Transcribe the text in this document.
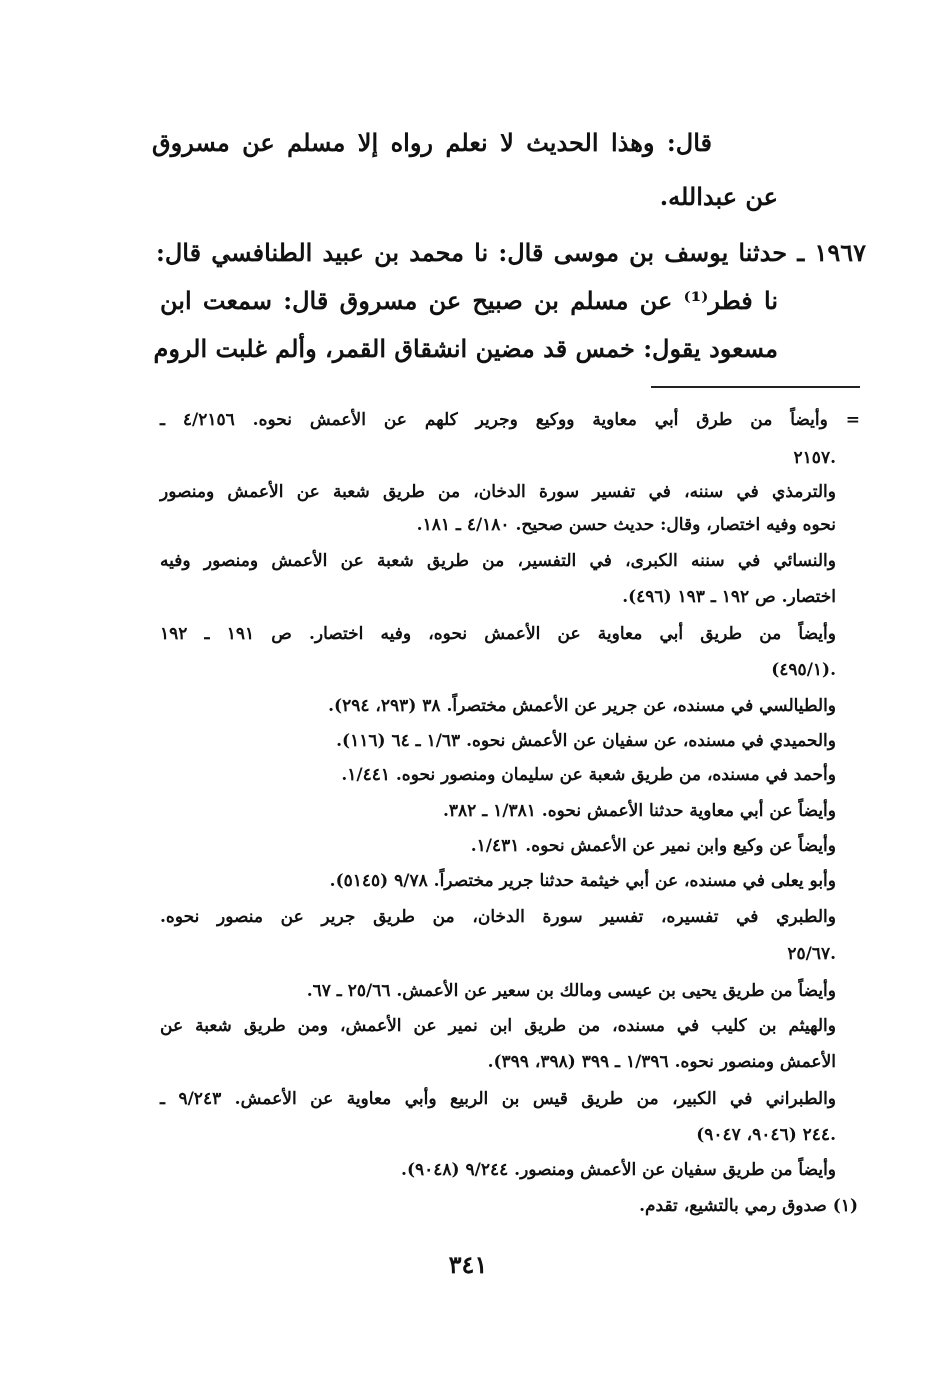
قال: وهذا الحديث لا نعلم رواه إلا مسلم عن مسروق
عن عبدالله.
١٩٦٧ ـ حدثنا يوسف بن موسى قال: نا محمد بن عبيد الطنافسي قال:
نا فطر⁽¹⁾ عن مسلم بن صبيح عن مسروق قال: سمعت ابن
مسعود يقول: خمس قد مضين انشقاق القمر، وألم غلبت الروم
= وأيضاً من طرق أبي معاوية ووكيع وجرير كلهم عن الأعمش نحوه. ٤/٢١٥٦ ـ
٢١٥٧.
والترمذي في سننه، في تفسير سورة الدخان، من طريق شعبة عن الأعمش ومنصور
نحوه وفيه اختصار، وقال: حديث حسن صحيح. ٤/١٨٠ ـ ١٨١.
والنسائي في سننه الكبرى، في التفسير، من طريق شعبة عن الأعمش ومنصور وفيه
اختصار. ص ١٩٢ ـ ١٩٣ (٤٩٦).
وأيضاً من طريق أبي معاوية عن الأعمش نحوه، وفيه اختصار. ص ١٩١ ـ ١٩٢
(٤٩٥/١).
والطيالسي في مسنده، عن جرير عن الأعمش مختصراً. ٣٨ (٢٩٣، ٢٩٤).
والحميدي في مسنده، عن سفيان عن الأعمش نحوه. ١/٦٣ ـ ٦٤ (١١٦).
وأحمد في مسنده، من طريق شعبة عن سليمان ومنصور نحوه. ١/٤٤١.
وأيضاً عن أبي معاوية حدثنا الأعمش نحوه. ١/٣٨١ ـ ٣٨٢.
وأيضاً عن وكيع وابن نمير عن الأعمش نحوه. ١/٤٣١.
وأبو يعلى في مسنده، عن أبي خيثمة حدثنا جرير مختصراً. ٩/٧٨ (٥١٤٥).
والطبري في تفسيره، تفسير سورة الدخان، من طريق جرير عن منصور نحوه.
٢٥/٦٧.
وأيضاً من طريق يحيى بن عيسى ومالك بن سعير عن الأعمش. ٢٥/٦٦ ـ ٦٧.
والهيثم بن كليب في مسنده، من طريق ابن نمير عن الأعمش، ومن طريق شعبة عن
الأعمش ومنصور نحوه. ١/٣٩٦ ـ ٣٩٩ (٣٩٨، ٣٩٩).
والطبراني في الكبير، من طريق قيس بن الربيع وأبي معاوية عن الأعمش. ٩/٢٤٣ ـ
٢٤٤ (٩٠٤٦، ٩٠٤٧).
وأيضاً من طريق سفيان عن الأعمش ومنصور. ٩/٢٤٤ (٩٠٤٨).
(١) صدوق رمي بالتشيع، تقدم.
٣٤١
